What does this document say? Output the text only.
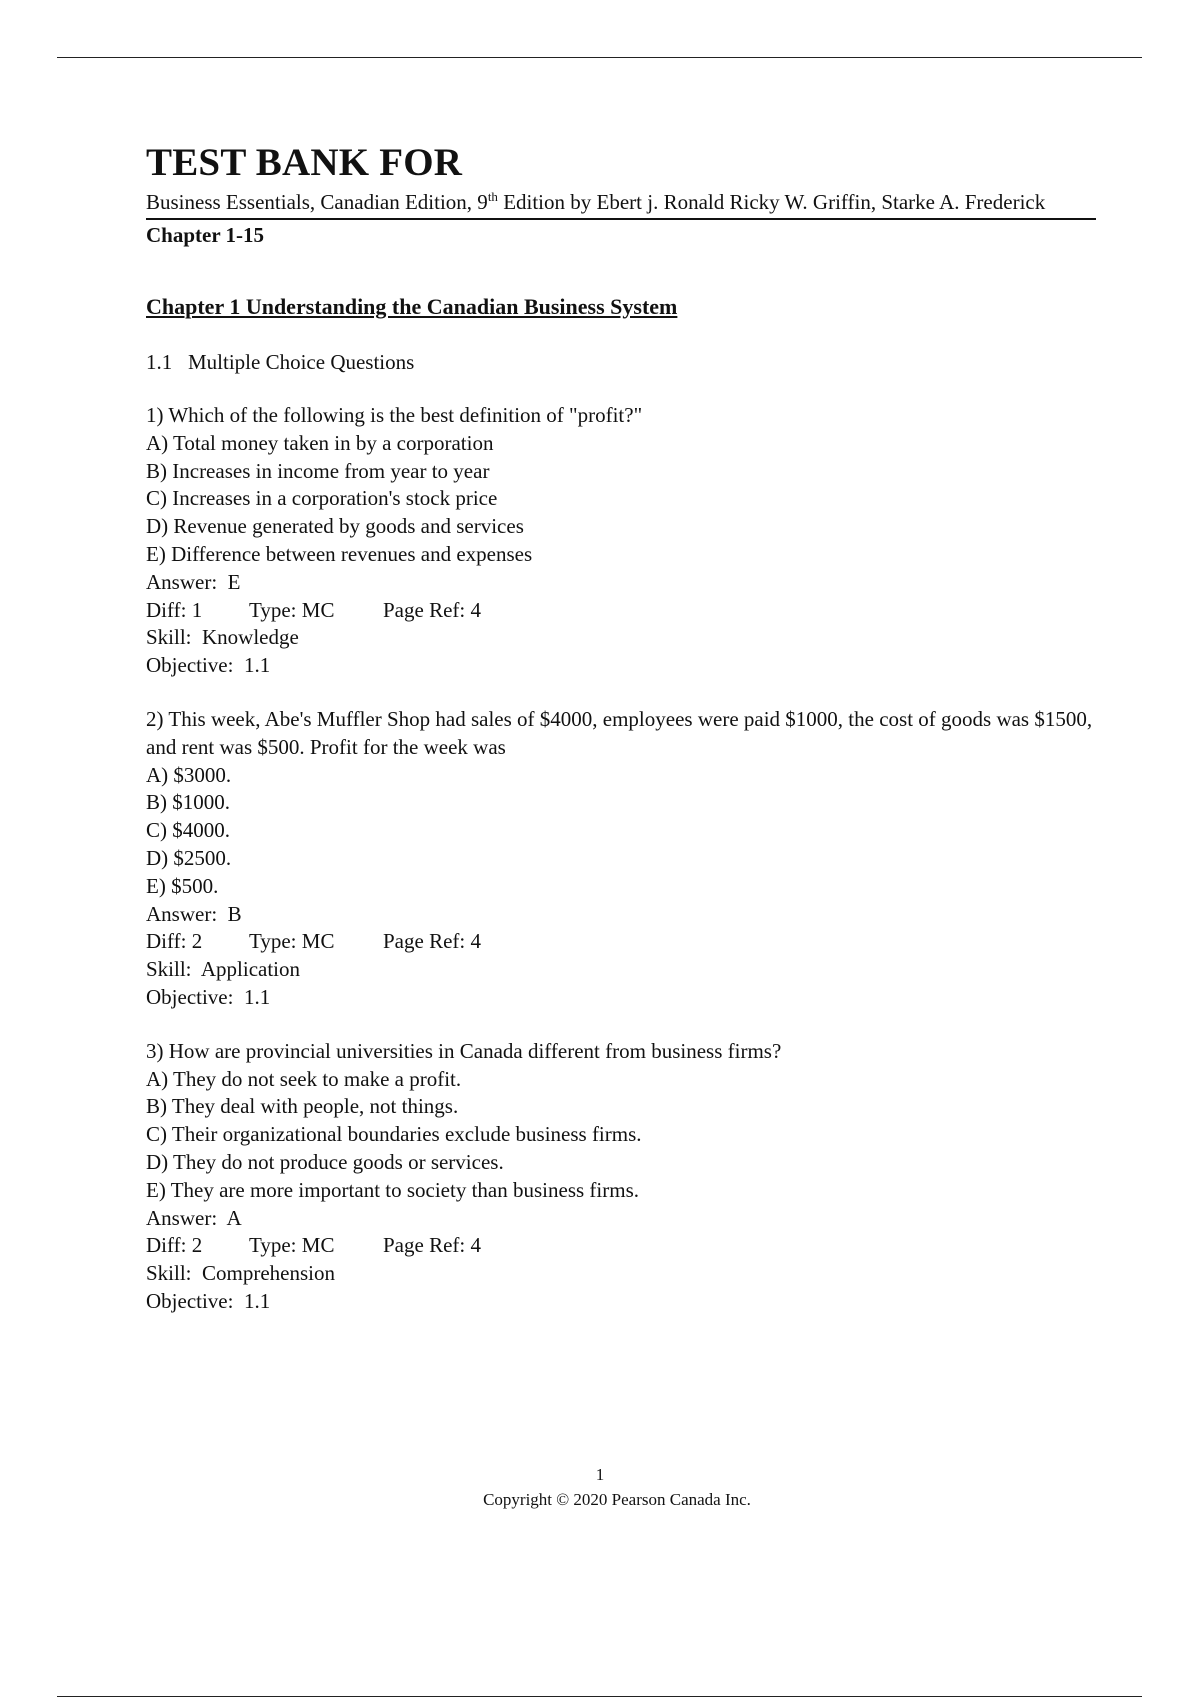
TEST BANK FOR

Business Essentials, Canadian Edition, 9th Edition by Ebert j. Ronald Ricky W. Griffin, Starke A. Frederick

Chapter 1-15

Chapter 1 Understanding the Canadian Business System

1.1   Multiple Choice Questions

1) Which of the following is the best definition of "profit?"

A) Total money taken in by a corporation

B) Increases in income from year to year

C) Increases in a corporation's stock price

D) Revenue generated by goods and services

E) Difference between revenues and expenses

Answer:  E

Diff: 1	Type: MC	Page Ref: 4

Skill:  Knowledge

Objective:  1.1

2) This week, Abe's Muffler Shop had sales of $4000, employees were paid $1000, the cost of goods was $1500, and rent was $500. Profit for the week was

A) $3000.

B) $1000.

C) $4000.

D) $2500.

E) $500.

Answer:  B

Diff: 2	Type: MC	Page Ref: 4

Skill:  Application

Objective:  1.1

3) How are provincial universities in Canada different from business firms?

A) They do not seek to make a profit.

B) They deal with people, not things.

C) Their organizational boundaries exclude business firms.

D) They do not produce goods or services.

E) They are more important to society than business firms.

Answer:  A

Diff: 2	Type: MC	Page Ref: 4

Skill:  Comprehension

Objective:  1.1

1
Copyright © 2020 Pearson Canada Inc.
